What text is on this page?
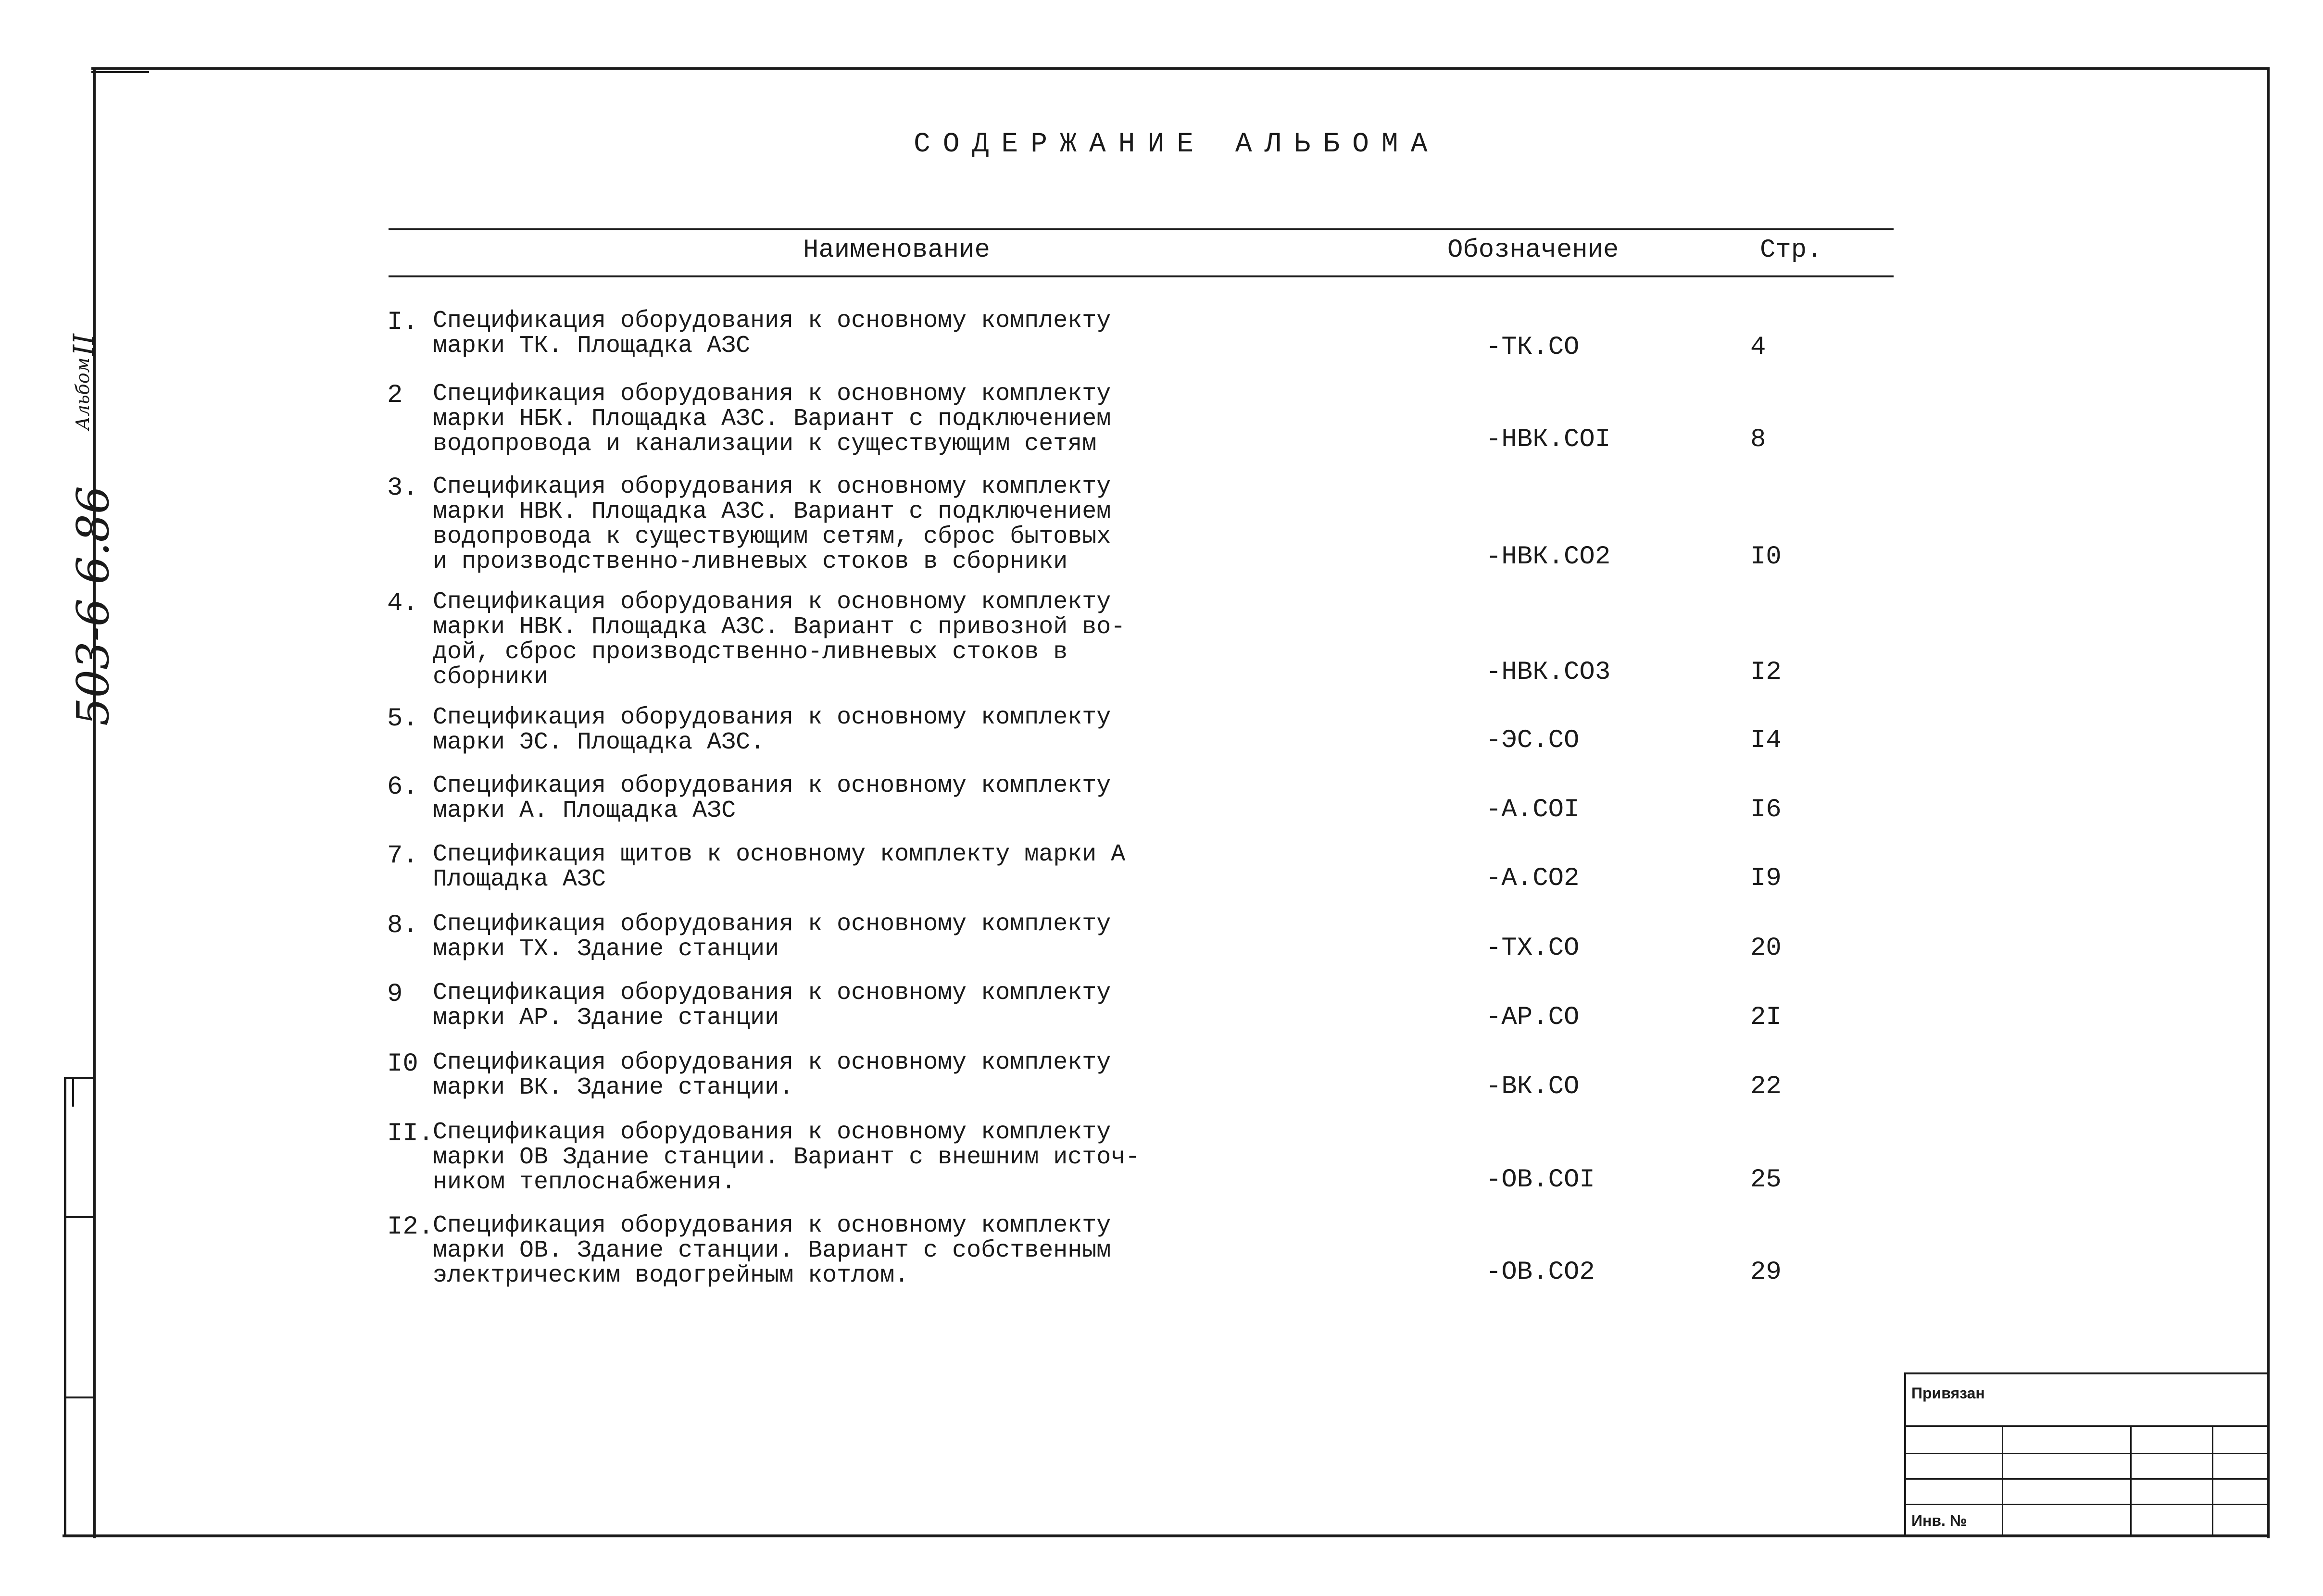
Альбом
II
503-6 6.86
СОДЕРЖАНИЕ АЛЬБОМА
Наименование	Обозначение	Стр.
I. Спецификация оборудования к основному комплекту
марки ТК. Площадка АЗС	-ТК.СО	4
2 Спецификация оборудования к основному комплекту
марки НБК. Площадка АЗС. Вариант с подключением
водопровода и канализации к существующим сетям	-НВК.СОI	8
3. Спецификация оборудования к основному комплекту
марки НВК. Площадка АЗС. Вариант с подключением
водопровода к существующим сетям, сброс бытовых
и производственно-ливневых стоков в сборники	-НВК.СО2	I0
4. Спецификация оборудования к основному комплекту
марки НВК. Площадка АЗС. Вариант с привозной во-
дой, сброс производственно-ливневых стоков в
сборники	-НВК.СО3	I2
5. Спецификация оборудования к основному комплекту
марки ЭС. Площадка АЗС.	-ЭС.СО	I4
6. Спецификация оборудования к основному комплекту
марки А. Площадка АЗС	-А.СОI	I6
7. Спецификация щитов к основному комплекту марки А
Площадка АЗС	-А.СО2	I9
8. Спецификация оборудования к основному комплекту
марки ТХ. Здание станции	-ТХ.СО	20
9 Спецификация оборудования к основному комплекту
марки АР. Здание станции	-АР.СО	2I
I0 Спецификация оборудования к основному комплекту
марки ВК. Здание станции.	-ВК.СО	22
II.
Спецификация оборудования к основному комплекту
марки ОВ Здание станции. Вариант с внешним источ-
ником теплоснабжения.	-ОВ.СОI	25
I2.
Спецификация оборудования к основному комплекту
марки ОВ. Здание станции. Вариант с собственным
электрическим водогрейным котлом.	-ОВ.СО2	29
Привязан
Инв. №
